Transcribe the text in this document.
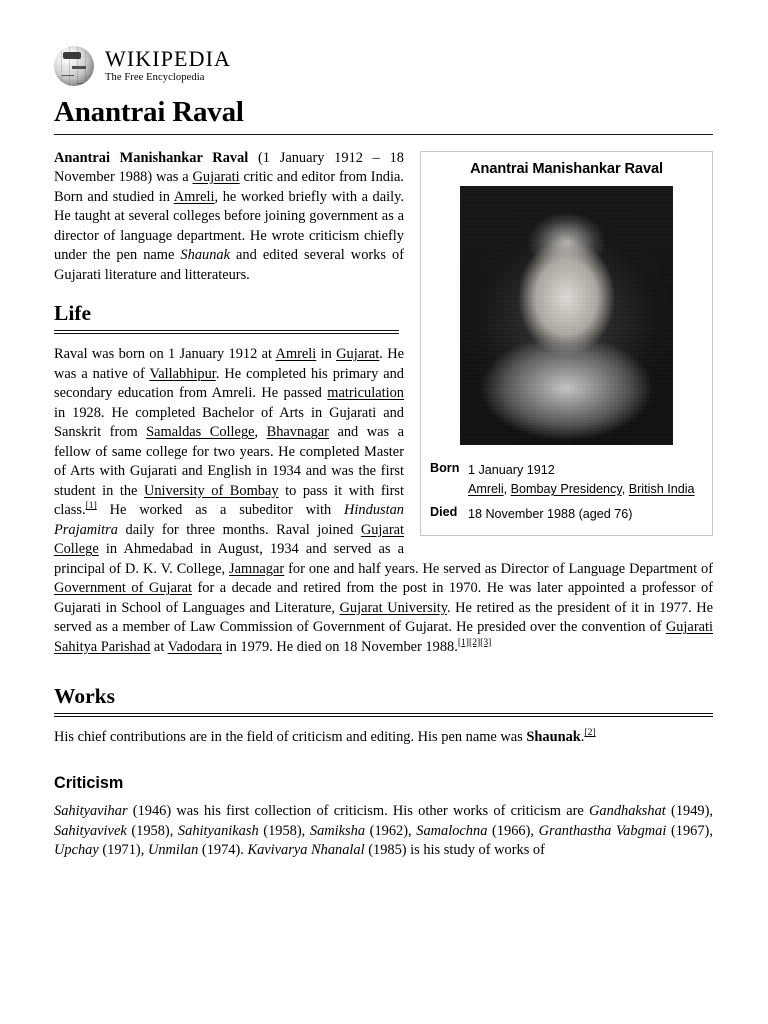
WIKIPEDIA
The Free Encyclopedia
Anantrai Raval
Anantrai Manishankar Raval
Born	1 January 1912
Amreli, Bombay Presidency, British India

Died	18 November 1988 (aged 76)

Anantrai Manishankar Raval (1 January 1912 – 18 November 1988) was a Gujarati critic and editor from India. Born and studied in Amreli, he worked briefly with a daily. He taught at several colleges before joining government as a director of language department. He wrote criticism chiefly under the pen name Shaunak and edited several works of Gujarati literature and litterateurs.

Life

Raval was born on 1 January 1912 at Amreli in Gujarat. He was a native of Vallabhipur. He completed his primary and secondary education from Amreli. He passed matriculation in 1928. He completed Bachelor of Arts in Gujarati and Sanskrit from Samaldas College, Bhavnagar and was a fellow of same college for two years. He completed Master of Arts with Gujarati and English in 1934 and was the first student in the University of Bombay to pass it with first class.[1] He worked as a subeditor with Hindustan Prajamitra daily for three months. Raval joined Gujarat College in Ahmedabad in August, 1934 and served as a principal of D. K. V. College, Jamnagar for one and half years. He served as Director of Language Department of Government of Gujarat for a decade and retired from the post in 1970. He was later appointed a professor of Gujarati in School of Languages and Literature, Gujarat University. He retired as the president of it in 1977. He served as a member of Law Commission of Government of Gujarat. He presided over the convention of Gujarati Sahitya Parishad at Vadodara in 1979. He died on 18 November 1988.[1][2][3]

Works

His chief contributions are in the field of criticism and editing. His pen name was Shaunak.[2]

Criticism

Sahityavihar (1946) was his first collection of criticism. His other works of criticism are Gandhakshat (1949), Sahityavivek (1958), Sahityanikash (1958), Samiksha (1962), Samalochna (1966), Granthastha Vabgmai (1967), Upchay (1971), Unmilan (1974). Kavivarya Nhanalal (1985) is his study of works of
